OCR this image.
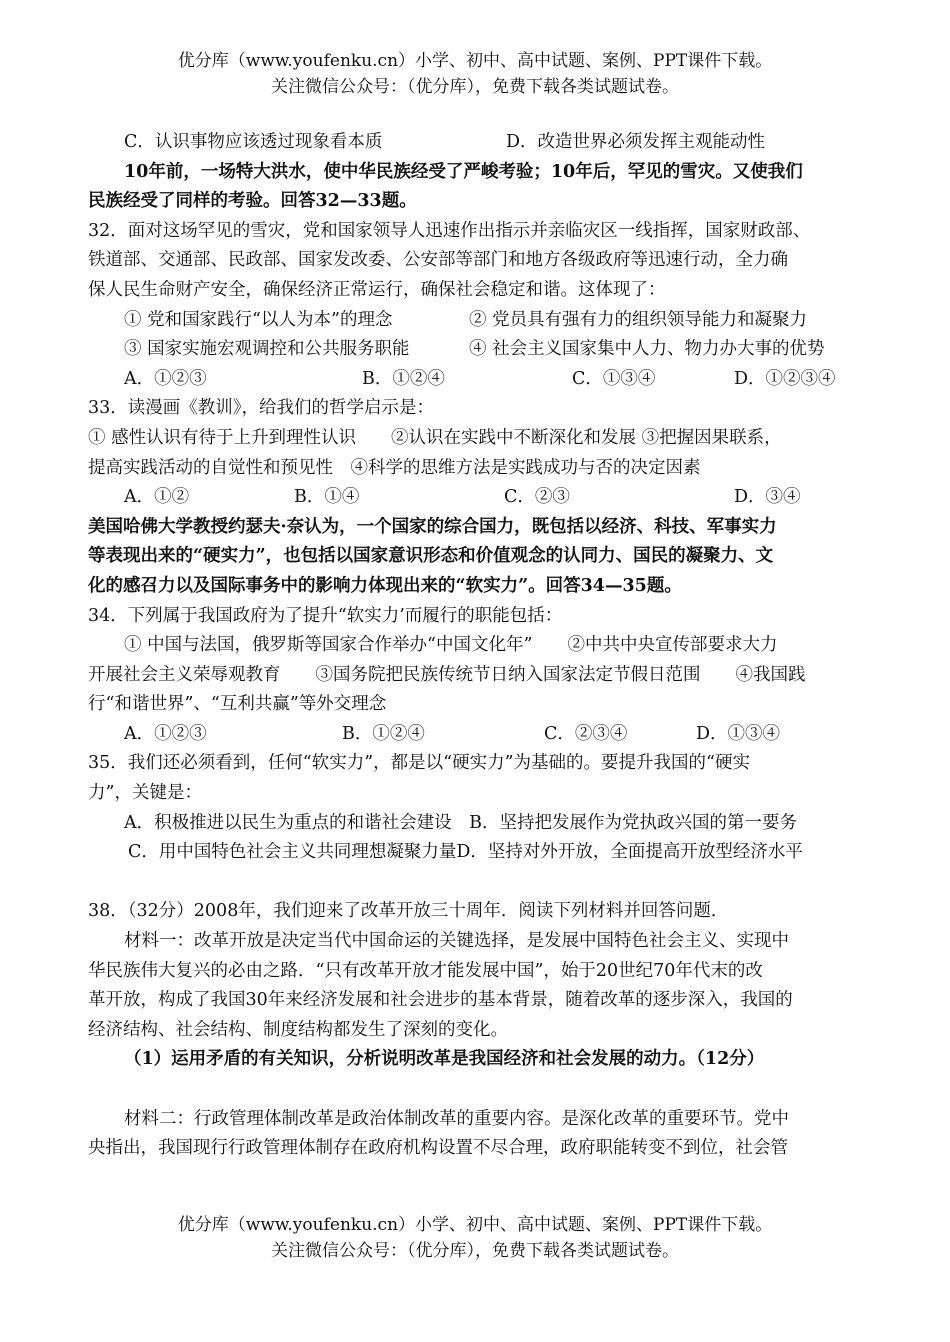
优分库（www.youfenku.cn）小学、初中、高中试题、案例、PPT课件下载。
关注微信公众号：（优分库），免费下载各类试题试卷。
C．认识事物应该透过现象看本质	D．改造世界必须发挥主观能动性
10年前，一场特大洪水，使中华民族经受了严峻考验；10年后，罕见的雪灾。又使我们
民族经受了同样的考验。回答32—33题。
32．面对这场罕见的雪灾，党和国家领导人迅速作出指示并亲临灾区一线指挥，国家财政部、
铁道部、交通部、民政部、国家发改委、公安部等部门和地方各级政府等迅速行动，全力确
保人民生命财产安全，确保经济正常运行，确保社会稳定和谐。这体现了：
① 党和国家践行“以人为本”的理念	② 党员具有强有力的组织领导能力和凝聚力
③ 国家实施宏观调控和公共服务职能	④ 社会主义国家集中人力、物力办大事的优势
A．①②③	B．①②④	C．①③④	D．①②③④
33．读漫画《教训》，给我们的哲学启示是：
① 感性认识有待于上升到理性认识　　②认识在实践中不断深化和发展 ③把握因果联系，
提高实践活动的自觉性和预见性　④科学的思维方法是实践成功与否的决定因素
A．①②	B．①④	C．②③	D．③④
美国哈佛大学教授约瑟夫·奈认为，一个国家的综合国力，既包括以经济、科技、军事实力
等表现出来的“硬实力”，也包括以国家意识形态和价值观念的认同力、国民的凝聚力、文
化的感召力以及国际事务中的影响力体现出来的“软实力”。回答34—35题。
34．下列属于我国政府为了提升“软实力’而履行的职能包括：
① 中国与法国，俄罗斯等国家合作举办“中国文化年”　　②中共中央宣传部要求大力
开展社会主义荣辱观教育　　③国务院把民族传统节日纳入国家法定节假日范围　　④我国践
行“和谐世界”、“互利共赢”等外交理念
A．①②③	B．①②④	C．②③④	D．①③④
35．我们还必须看到，任何“软实力”，都是以“硬实力”为基础的。要提升我国的“硬实
力”，关键是：
A．积极推进以民生为重点的和谐社会建设　B．坚持把发展作为党执政兴国的第一要务
C．用中国特色社会主义共同理想凝聚力量D．坚持对外开放，全面提高开放型经济水平
38．（32分）2008年，我们迎来了改革开放三十周年．阅读下列材料并回答问题．
材料一：改革开放是决定当代中国命运的关键选择，是发展中国特色社会主义、实现中
华民族伟大复兴的必由之路．“只有改革开放才能发展中国”，始于20世纪70年代末的改
革开放，构成了我国30年来经济发展和社会进步的基本背景，随着改革的逐步深入，我国的
经济结构、社会结构、制度结构都发生了深刻的变化。
（1）运用矛盾的有关知识，分析说明改革是我国经济和社会发展的动力。（12分）
材料二：行政管理体制改革是政治体制改革的重要内容。是深化改革的重要环节。党中
央指出，我国现行行政管理体制存在政府机构设置不尽合理，政府职能转变不到位，社会管
优分库（www.youfenku.cn）小学、初中、高中试题、案例、PPT课件下载。
关注微信公众号：（优分库），免费下载各类试题试卷。
